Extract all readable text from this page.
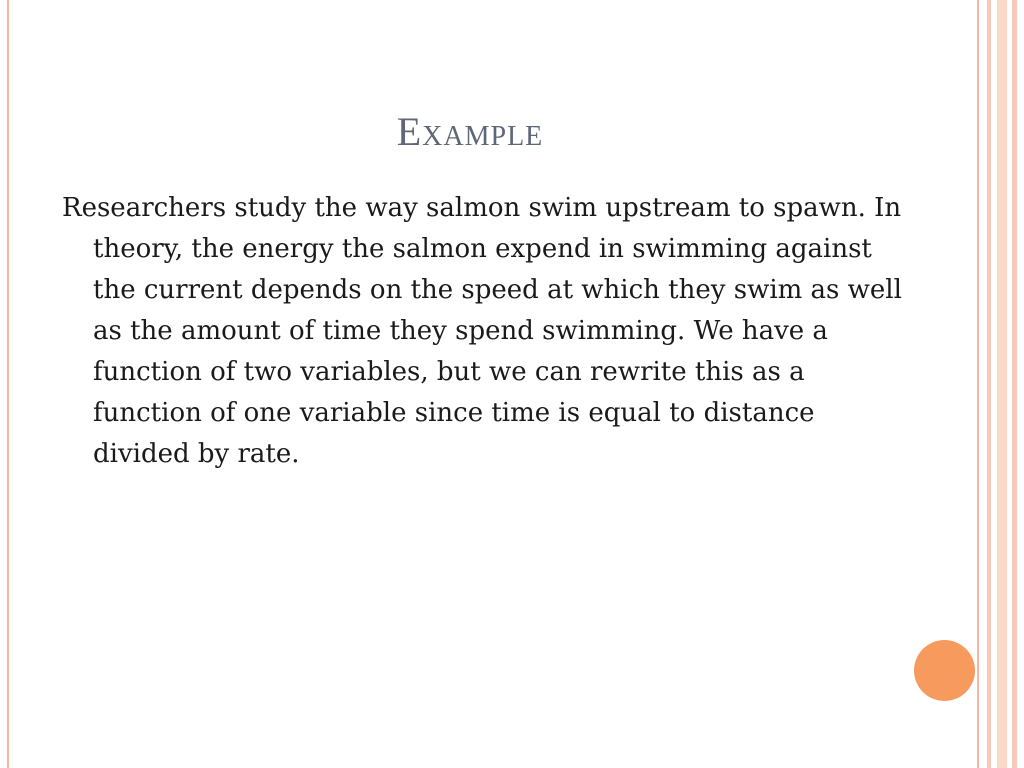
Example
Researchers study the way salmon swim upstream to spawn. In theory, the energy the salmon expend in swimming against the current depends on the speed at which they swim as well as the amount of time they spend swimming. We have a function of two variables, but we can rewrite this as a function of one variable since time is equal to distance divided by rate.
